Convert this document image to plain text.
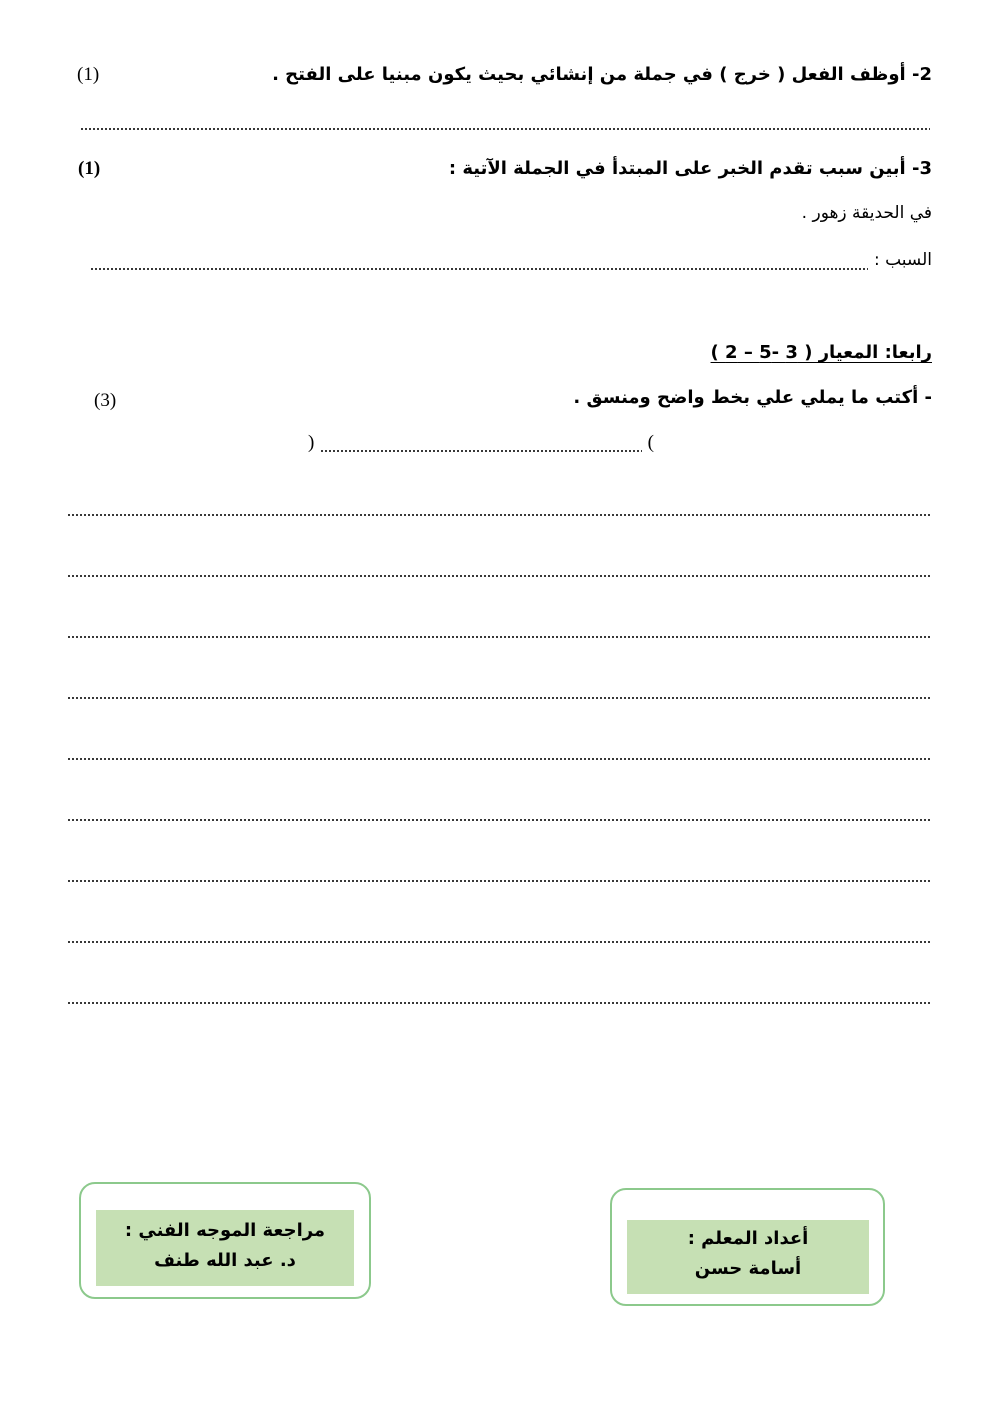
2- أوظف الفعل ( خرج ) في جملة من إنشائي بحيث يكون مبنيا على الفتح .
(1)
3- أبين سبب تقدم الخبر على المبتدأ في الجملة الآتية :
(1)
في الحديقة زهور .
السبب :
رابعا: المعيار ( 3 -5 – 2 )
- أكتب ما يملي علي بخط واضح ومنسق .
(3)
(
)
مراجعة الموجه الفني :
د. عبد الله طنف
أعداد المعلم :
أسامة حسن
